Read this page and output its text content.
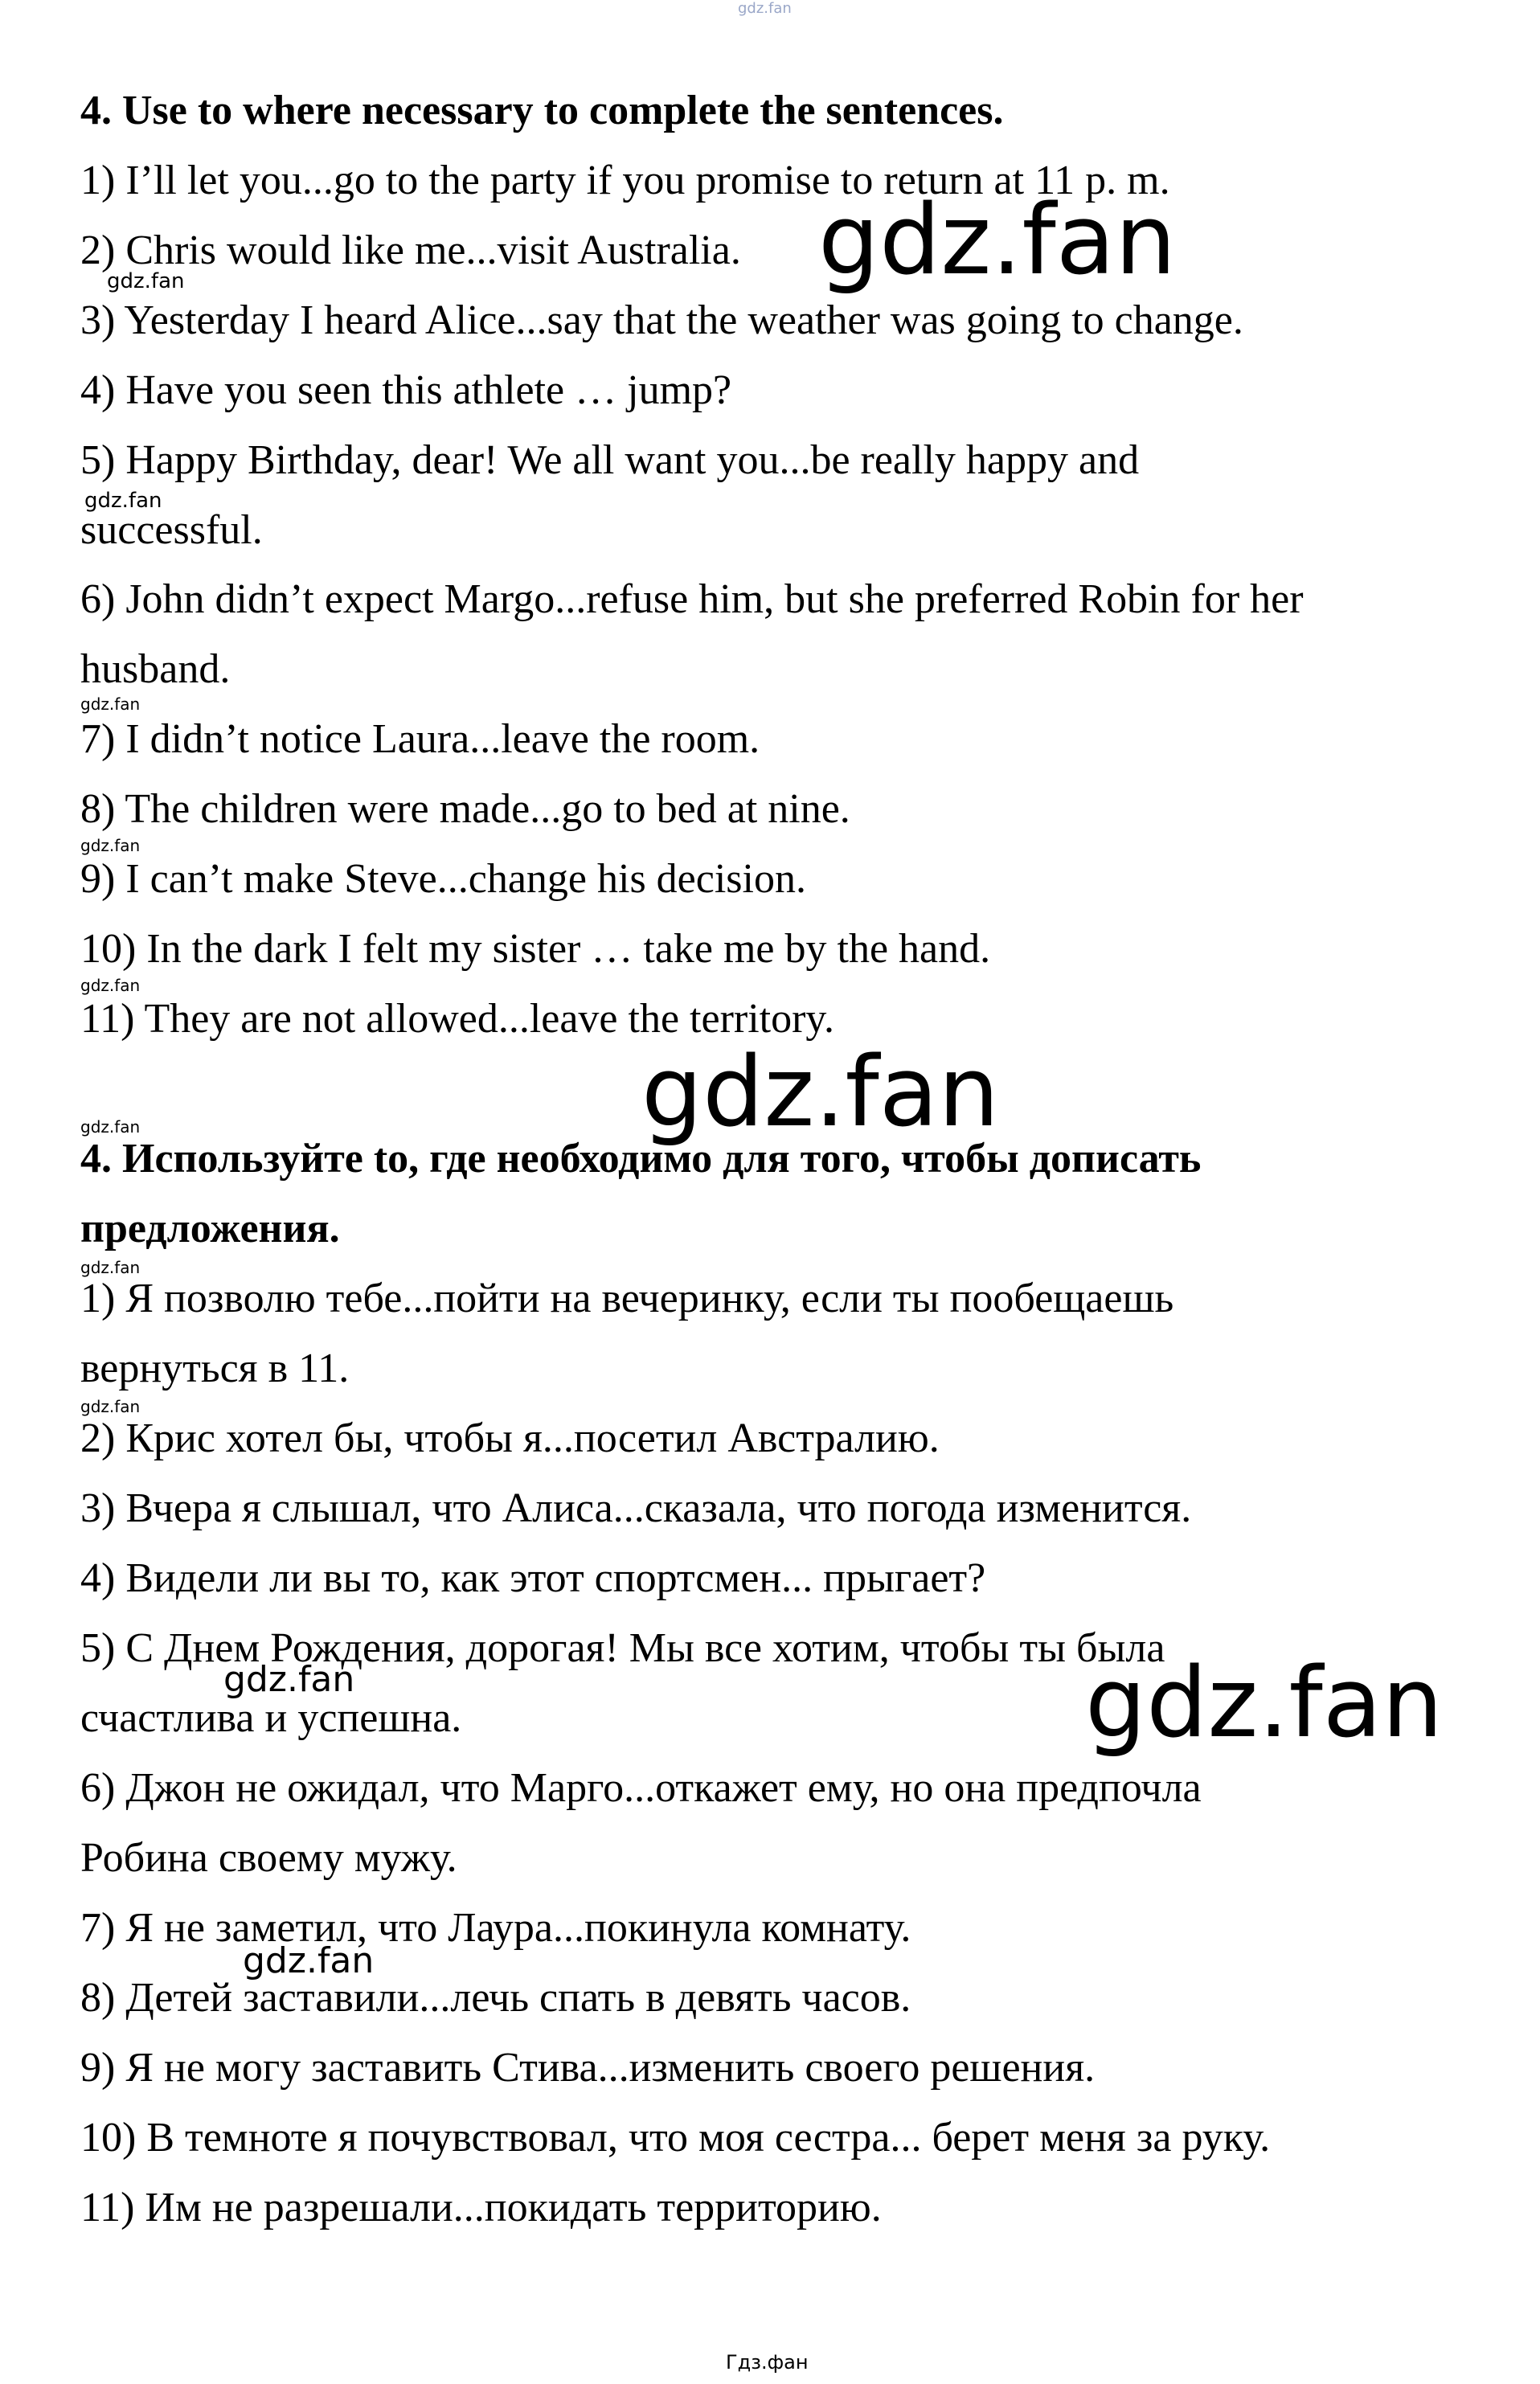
gdz.fan
4. Use to where necessary to complete the sentences.
1) I’ll let you...go to the party if you promise to return at 11 p. m.
2) Chris would like me...visit Australia.
3) Yesterday I heard Alice...say that the weather was going to change.
4) Have you seen this athlete … jump?
5) Happy Birthday, dear! We all want you...be really happy and
successful.
6) John didn’t expect Margo...refuse him, but she preferred Robin for her
husband.
7) I didn’t notice Laura...leave the room.
8) The children were made...go to bed at nine.
9) I can’t make Steve...change his decision.
10) In the dark I felt my sister … take me by the hand.
11) They are not allowed...leave the territory.
4. Используйте to, где необходимо для того, чтобы дописать
предложения.
1) Я позволю тебе...пойти на вечеринку, если ты пообещаешь
вернуться в 11.
2) Крис хотел бы, чтобы я...посетил Австралию.
3) Вчера я слышал, что Алиса...сказала, что погода изменится.
4) Видели ли вы то, как этот спортсмен... прыгает?
5) С Днем Рождения, дорогая! Мы все хотим, чтобы ты была
счастлива и успешна.
6) Джон не ожидал, что Марго...откажет ему, но она предпочла
Робина своему мужу.
7) Я не заметил, что Лаура...покинула комнату.
8) Детей заставили...лечь спать в девять часов.
9) Я не могу заставить Стива...изменить своего решения.
10) В темноте я почувствовал, что моя сестра... берет меня за руку.
11) Им не разрешали...покидать территорию.
gdz.fan
gdz.fan
gdz.fan
gdz.fan
gdz.fan
gdz.fan
gdz.fan
gdz.fan
gdz.fan
gdz.fan
gdz.fan	gdz.fan
gdz.fan
Гдз.фан
